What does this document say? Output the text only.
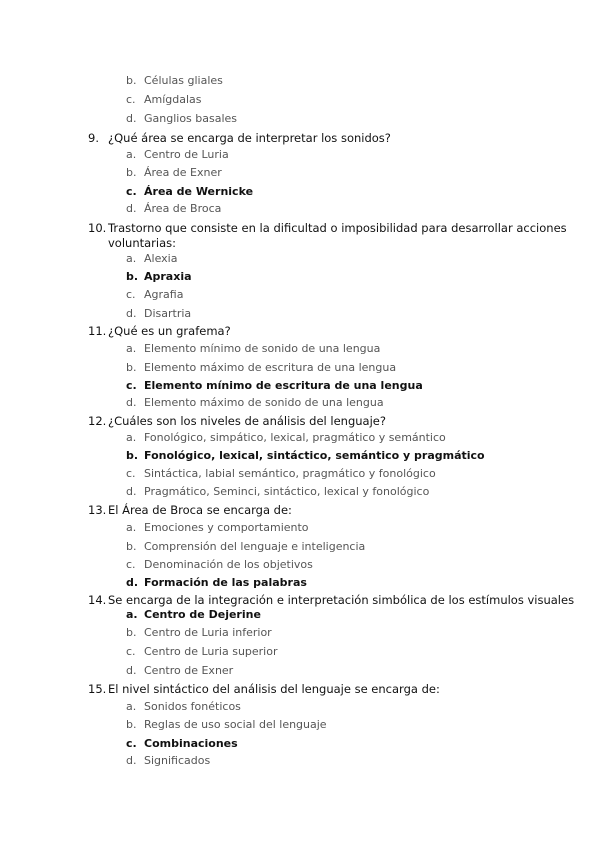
b. Células gliales
c. Amígdalas
d. Ganglios basales
9. ¿Qué área se encarga de interpretar los sonidos?
a. Centro de Luria
b. Área de Exner
c. Área de Wernicke
d. Área de Broca
10. Trastorno que consiste en la dificultad o imposibilidad para desarrollar acciones
voluntarias:
a. Alexia
b. Apraxia
c. Agrafia
d. Disartria
11. ¿Qué es un grafema?
a. Elemento mínimo de sonido de una lengua
b. Elemento máximo de escritura de una lengua
c. Elemento mínimo de escritura de una lengua
d. Elemento máximo de sonido de una lengua
12. ¿Cuáles son los niveles de análisis del lenguaje?
a. Fonológico, simpático, lexical, pragmático y semántico
b. Fonológico, lexical, sintáctico, semántico y pragmático
c. Sintáctica, labial semántico, pragmático y fonológico
d. Pragmático, Seminci, sintáctico, lexical y fonológico
13. El Área de Broca se encarga de:
a. Emociones y comportamiento
b. Comprensión del lenguaje e inteligencia
c. Denominación de los objetivos
d. Formación de las palabras
14. Se encarga de la integración e interpretación simbólica de los estímulos visuales
a. Centro de Dejerine
b. Centro de Luria inferior
c. Centro de Luria superior
d. Centro de Exner
15. El nivel sintáctico del análisis del lenguaje se encarga de:
a. Sonidos fonéticos
b. Reglas de uso social del lenguaje
c. Combinaciones
d. Significados
